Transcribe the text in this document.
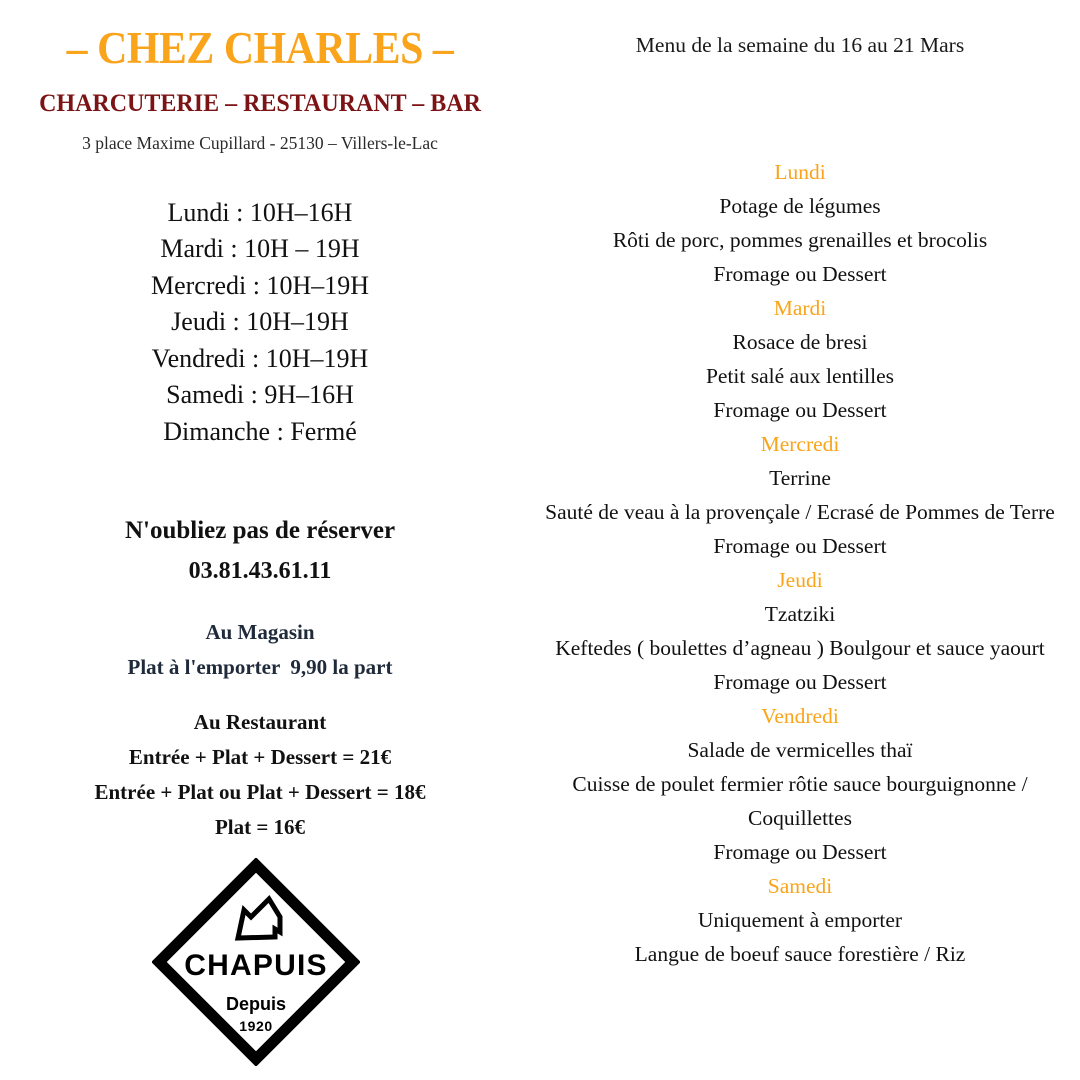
– CHEZ CHARLES –
CHARCUTERIE – RESTAURANT – BAR
3 place Maxime Cupillard - 25130 – Villers-le-Lac
Lundi : 10H–16H
Mardi : 10H – 19H
Mercredi : 10H–19H
Jeudi : 10H–19H
Vendredi : 10H–19H
Samedi : 9H–16H
Dimanche : Fermé
N'oubliez pas de réserver
03.81.43.61.11
Au Magasin
Plat à l'emporter  9,90 la part
Au Restaurant
Entrée + Plat + Dessert = 21€
Entrée + Plat ou Plat + Dessert = 18€
Plat = 16€
CHAPUIS
Depuis
1920
Menu de la semaine du 16 au 21 Mars
Lundi
Potage de légumes
Rôti de porc, pommes grenailles et brocolis
Fromage ou Dessert
Mardi
Rosace de bresi
Petit salé aux lentilles
Fromage ou Dessert
Mercredi
Terrine
Sauté de veau à la provençale / Ecrasé de Pommes de Terre
Fromage ou Dessert
Jeudi
Tzatziki
Keftedes ( boulettes d’agneau ) Boulgour et sauce yaourt
Fromage ou Dessert
Vendredi
Salade de vermicelles thaï
Cuisse de poulet fermier rôtie sauce bourguignonne / Coquillettes
Fromage ou Dessert
Samedi
Uniquement à emporter
Langue de boeuf sauce forestière / Riz
